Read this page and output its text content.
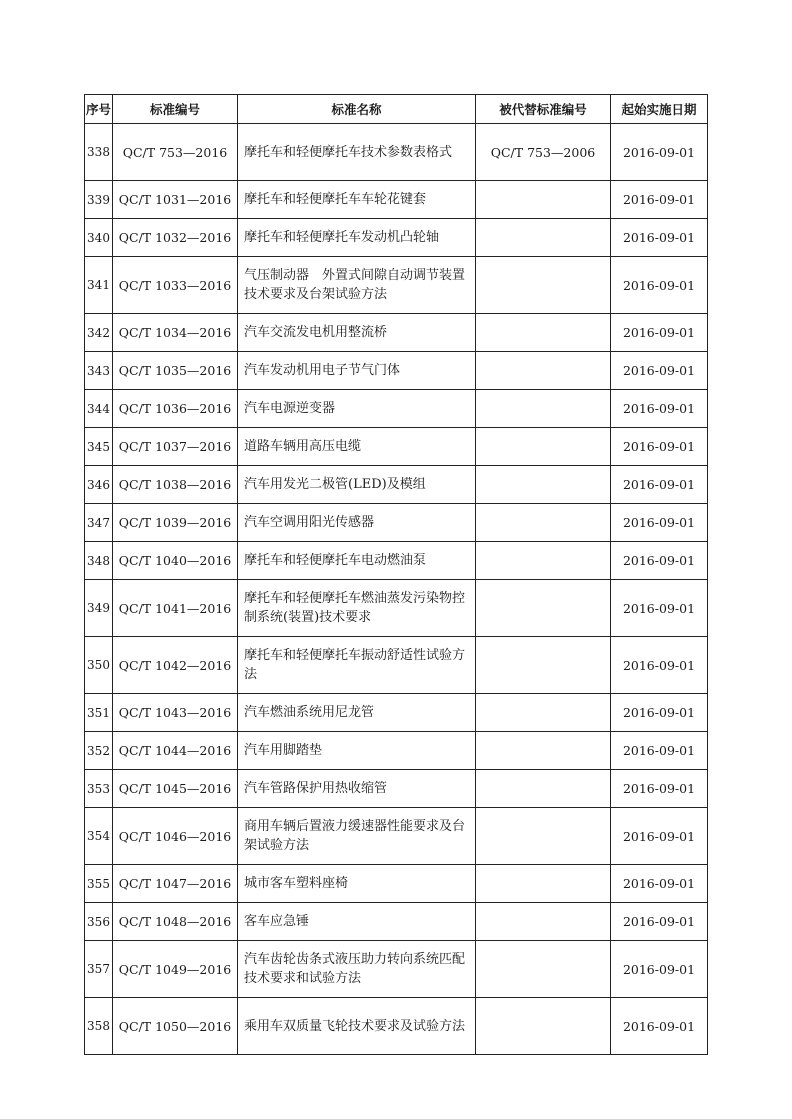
序号	标准编号	标准名称	被代替标准编号	起始实施日期
338	QC/T 753—2016	摩托车和轻便摩托车技术参数表格式	QC/T 753—2006	2016-09-01
339	QC/T 1031—2016	摩托车和轻便摩托车车轮花键套		2016-09-01
340	QC/T 1032—2016	摩托车和轻便摩托车发动机凸轮轴		2016-09-01
341	QC/T 1033—2016	气压制动器　外置式间隙自动调节装置技术要求及台架试验方法		2016-09-01
342	QC/T 1034—2016	汽车交流发电机用整流桥		2016-09-01
343	QC/T 1035—2016	汽车发动机用电子节气门体		2016-09-01
344	QC/T 1036—2016	汽车电源逆变器		2016-09-01
345	QC/T 1037—2016	道路车辆用高压电缆		2016-09-01
346	QC/T 1038—2016	汽车用发光二极管(LED)及模组		2016-09-01
347	QC/T 1039—2016	汽车空调用阳光传感器		2016-09-01
348	QC/T 1040—2016	摩托车和轻便摩托车电动燃油泵		2016-09-01
349	QC/T 1041—2016	摩托车和轻便摩托车燃油蒸发污染物控制系统(装置)技术要求		2016-09-01
350	QC/T 1042—2016	摩托车和轻便摩托车振动舒适性试验方法		2016-09-01
351	QC/T 1043—2016	汽车燃油系统用尼龙管		2016-09-01
352	QC/T 1044—2016	汽车用脚踏垫		2016-09-01
353	QC/T 1045—2016	汽车管路保护用热收缩管		2016-09-01
354	QC/T 1046—2016	商用车辆后置液力缓速器性能要求及台架试验方法		2016-09-01
355	QC/T 1047—2016	城市客车塑料座椅		2016-09-01
356	QC/T 1048—2016	客车应急锤		2016-09-01
357	QC/T 1049—2016	汽车齿轮齿条式液压助力转向系统匹配技术要求和试验方法		2016-09-01
358	QC/T 1050—2016	乘用车双质量飞轮技术要求及试验方法		2016-09-01
